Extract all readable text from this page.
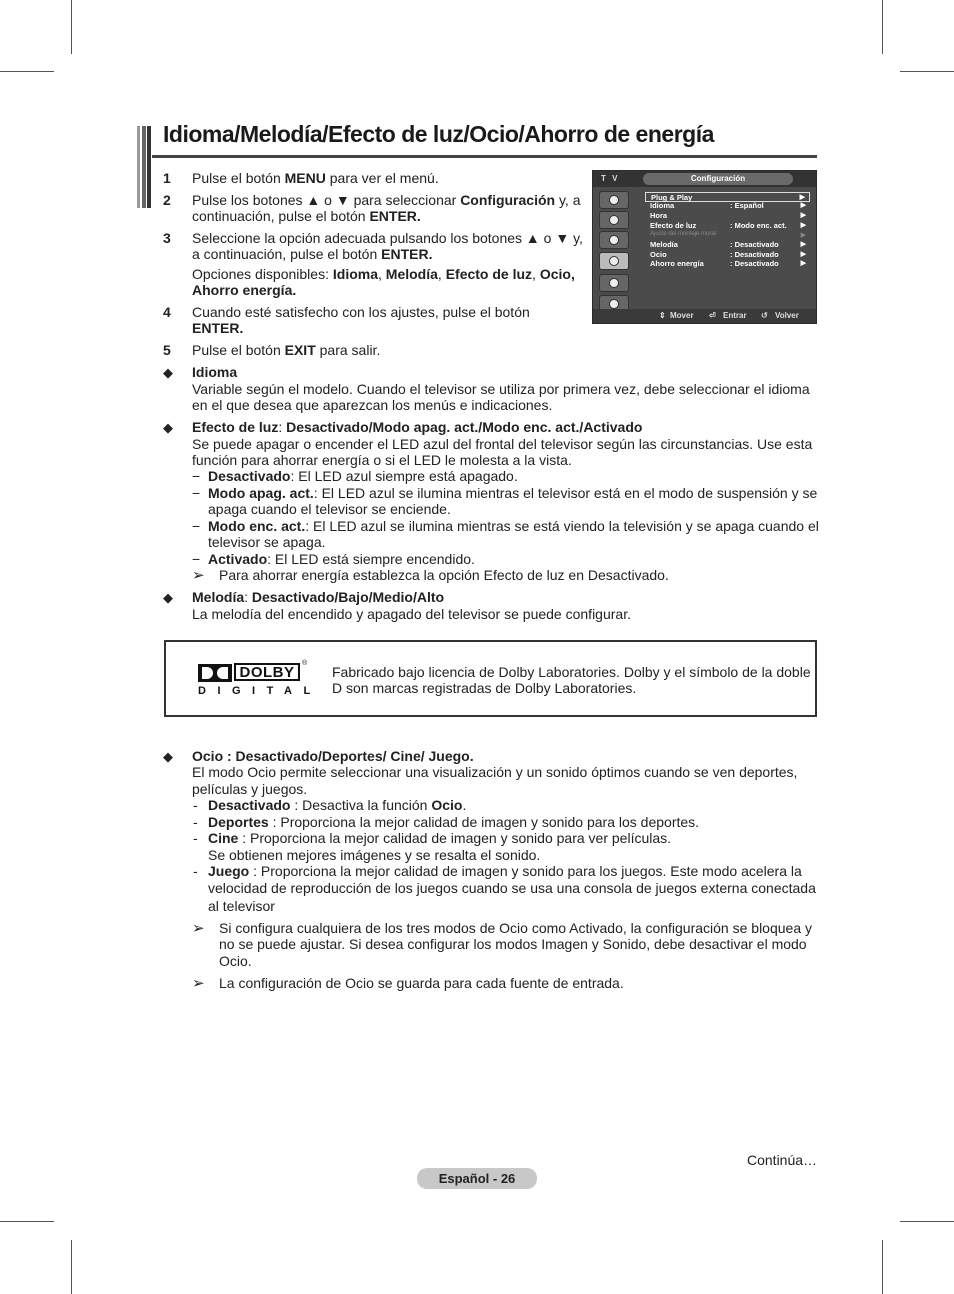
Idioma/Melodía/Efecto de luz/Ocio/Ahorro de energía
1 Pulse el botón MENU para ver el menú.
2 Pulse los botones ▲ o ▼ para seleccionar Configuración y, a
continuación, pulse el botón ENTER.
3 Seleccione la opción adecuada pulsando los botones ▲ o ▼ y,
a continuación, pulse el botón ENTER.
Opciones disponibles: Idioma, Melodía, Efecto de luz, Ocio,
Ahorro energía.
4 Cuando esté satisfecho con los ajustes, pulse el botón
ENTER.
5 Pulse el botón EXIT para salir.
T V	Configuración
Plug & Play	▶
Idioma	: Español	▶
Hora	▶
Efecto de luz	: Modo enc. act. ▶
Ajuste del montaje mural	▶
Melodía	: Desactivado	▶
Ocio	: Desactivado	▶
Ahorro energía	: Desactivado	▶
⇕ Mover ⏎ Entrar ↺ Volver
◆ Idioma
Variable según el modelo. Cuando el televisor se utiliza por primera vez, debe seleccionar el idioma
en el que desea que aparezcan los menús e indicaciones.
◆ Efecto de luz: Desactivado/Modo apag. act./Modo enc. act./Activado
Se puede apagar o encender el LED azul del frontal del televisor según las circunstancias. Use esta
función para ahorrar energía o si el LED le molesta a la vista.
− Desactivado: El LED azul siempre está apagado.
− Modo apag. act.: El LED azul se ilumina mientras el televisor está en el modo de suspensión y se
apaga cuando el televisor se enciende.
− Modo enc. act.: El LED azul se ilumina mientras se está viendo la televisión y se apaga cuando el
televisor se apaga.
− Activado: El LED está siempre encendido.
➢ Para ahorrar energía establezca la opción Efecto de luz en Desactivado.
◆ Melodía: Desactivado/Bajo/Medio/Alto
La melodía del encendido y apagado del televisor se puede configurar.
DOLBY
®
DIGITAL
Fabricado bajo licencia de Dolby Laboratories. Dolby y el símbolo de la doble
D son marcas registradas de Dolby Laboratories.
◆ Ocio : Desactivado/Deportes/ Cine/ Juego.
El modo Ocio permite seleccionar una visualización y un sonido óptimos cuando se ven deportes,
películas y juegos.
- Desactivado : Desactiva la función Ocio.
- Deportes : Proporciona la mejor calidad de imagen y sonido para los deportes.
- Cine : Proporciona la mejor calidad de imagen y sonido para ver películas.
Se obtienen mejores imágenes y se resalta el sonido.
- Juego : Proporciona la mejor calidad de imagen y sonido para los juegos. Este modo acelera la
velocidad de reproducción de los juegos cuando se usa una consola de juegos externa conectada
al televisor
➢ Si configura cualquiera de los tres modos de Ocio como Activado, la configuración se bloquea y
no se puede ajustar. Si desea configurar los modos Imagen y Sonido, debe desactivar el modo
Ocio.
➢ La configuración de Ocio se guarda para cada fuente de entrada.
Continúa…
Español - 26
